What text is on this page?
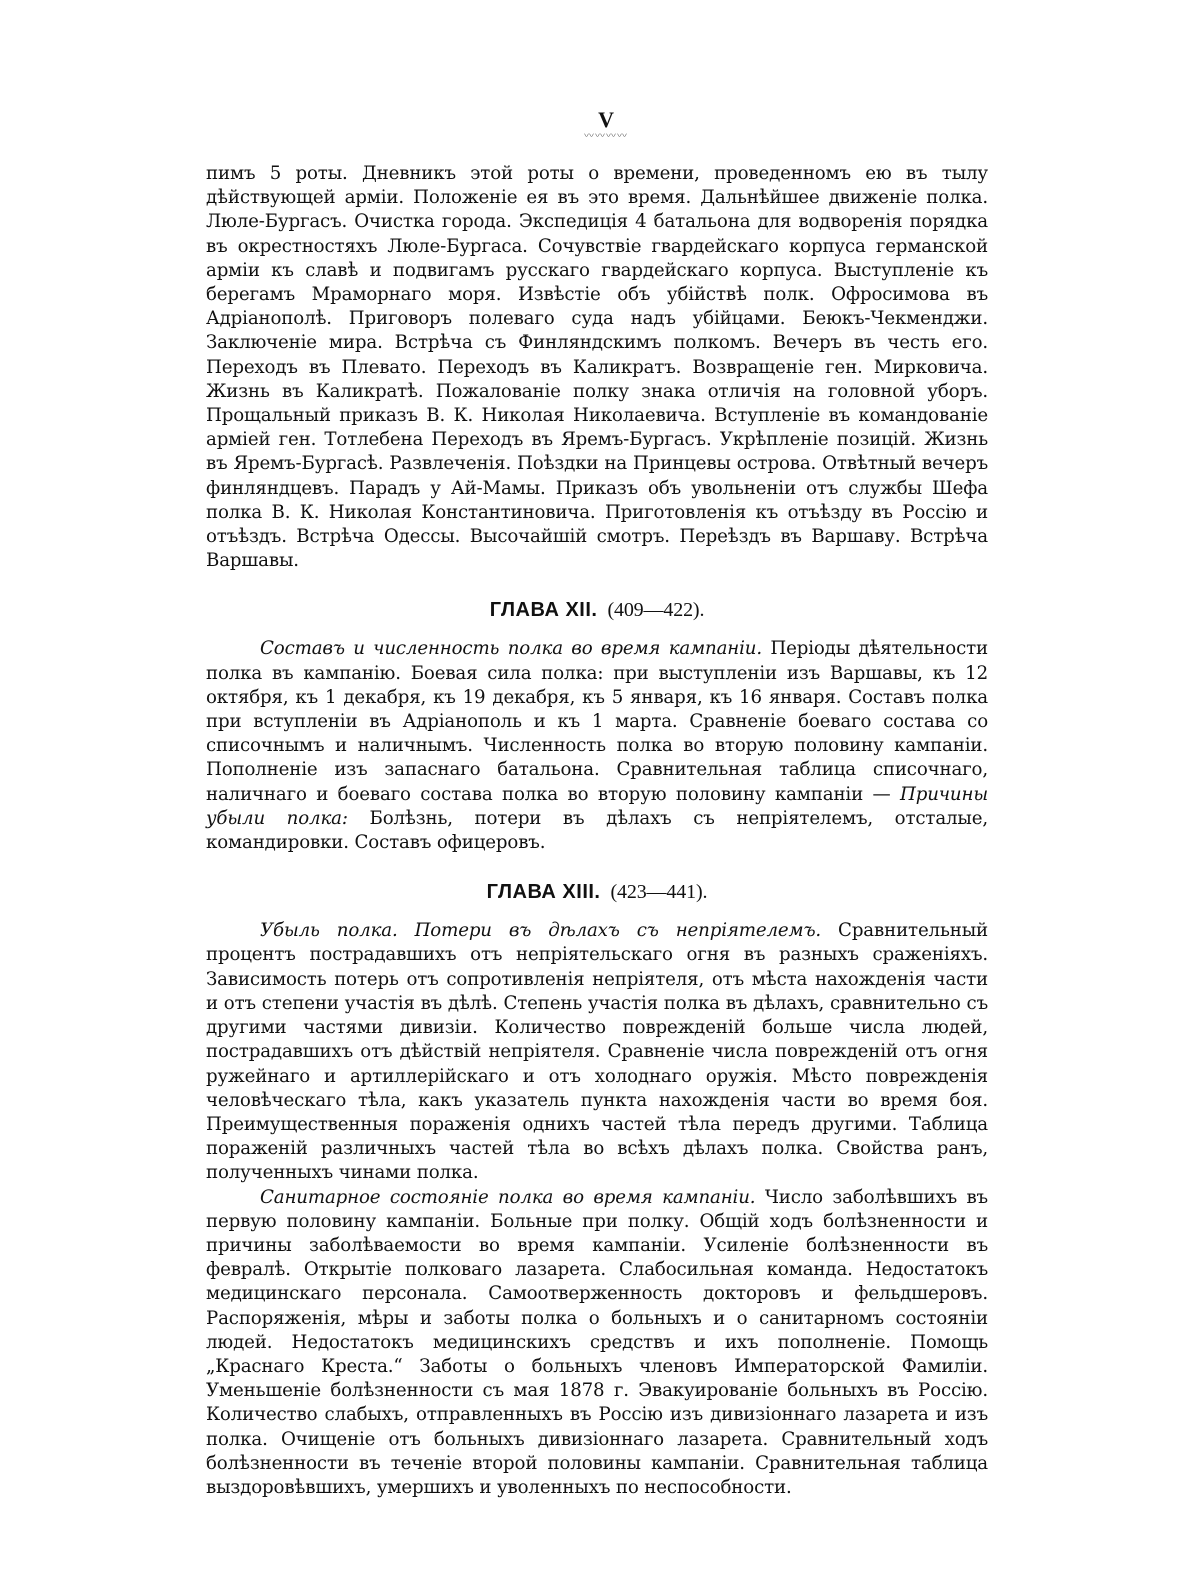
V
〰〰〰〰

пимъ 5 роты. Дневникъ этой роты о времени, проведенномъ ею въ тылу дѣйствующей арміи. Положеніе ея въ это время. Дальнѣйшее движеніе полка. Люле-Бургасъ. Очистка города. Экспедиція 4 батальона для водворенія порядка въ окрестностяхъ Люле-Бургаса. Сочувствіе гвардейскаго корпуса германской арміи къ славѣ и подвигамъ русскаго гвардейскаго корпуса. Выступленіе къ берегамъ Мраморнаго моря. Извѣстіе объ убійствѣ полк. Офросимова въ Адріанополѣ. Приговоръ полеваго суда надъ убійцами. Беюкъ-Чекменджи. Заключеніе мира. Встрѣча съ Финляндскимъ полкомъ. Вечеръ въ честь его. Переходъ въ Плевато. Переходъ въ Каликратъ. Возвращеніе ген. Мирковича. Жизнь въ Каликратѣ. Пожалованіе полку знака отличія на головной уборъ. Прощальный приказъ В. К. Николая Николаевича. Вступленіе въ командованіе арміей ген. Тотлебена Переходъ въ Яремъ-Бургасъ. Укрѣпленіе позицій. Жизнь въ Яремъ-Бургасѣ. Развлеченія. Поѣздки на Принцевы острова. Отвѣтный вечеръ финляндцевъ. Парадъ у Ай-Мамы. Приказъ объ увольненіи отъ службы Шефа полка В. К. Николая Константиновича. Приготовленія къ отъѣзду въ Россію и отъѣздъ. Встрѣча Одессы. Высочайшій смотръ. Переѣздъ въ Варшаву. Встрѣча Варшавы.

ГЛАВА XII. (409—422).

Составъ и численность полка во время кампаніи. Періоды дѣятельности полка въ кампанію. Боевая сила полка: при выступленіи изъ Варшавы, къ 12 октября, къ 1 декабря, къ 19 декабря, къ 5 января, къ 16 января. Составъ полка при вступленіи въ Адріанополь и къ 1 марта. Сравненіе боеваго состава со списочнымъ и наличнымъ. Численность полка во вторую половину кампаніи. Пополненіе изъ запаснаго батальона. Сравнительная таблица списочнаго, наличнаго и боеваго состава полка во вторую половину кампаніи — Причины убыли полка: Болѣзнь, потери въ дѣлахъ съ непріятелемъ, отсталые, командировки. Составъ офицеровъ.

ГЛАВА XIII. (423—441).

Убыль полка. Потери въ дѣлахъ съ непріятелемъ. Сравнительный процентъ пострадавшихъ отъ непріятельскаго огня въ разныхъ сраженіяхъ. Зависимость потерь отъ сопротивленія непріятеля, отъ мѣста нахожденія части и отъ степени участія въ дѣлѣ. Степень участія полка въ дѣлахъ, сравнительно съ другими частями дивизіи. Количество поврежденій больше числа людей, пострадавшихъ отъ дѣйствій непріятеля. Сравненіе числа поврежденій отъ огня ружейнаго и артиллерійскаго и отъ холоднаго оружія. Мѣсто поврежденія человѣческаго тѣла, какъ указатель пункта нахожденія части во время боя. Преимущественныя пораженія однихъ частей тѣла передъ другими. Таблица пораженій различныхъ частей тѣла во всѣхъ дѣлахъ полка. Свойства ранъ, полученныхъ чинами полка.

Санитарное состояніе полка во время кампаніи. Число заболѣвшихъ въ первую половину кампаніи. Больные при полку. Общій ходъ болѣзненности и причины заболѣваемости во время кампаніи. Усиленіе болѣзненности въ февралѣ. Открытіе полковаго лазарета. Слабосильная команда. Недостатокъ медицинскаго персонала. Самоотверженность докторовъ и фельдшеровъ. Распоряженія, мѣры и заботы полка о больныхъ и о санитарномъ состояніи людей. Недостатокъ медицинскихъ средствъ и ихъ пополненіе. Помощь „Краснаго Креста.“ Заботы о больныхъ членовъ Императорской Фамиліи. Уменьшеніе болѣзненности съ мая 1878 г. Эвакуированіе больныхъ въ Россію. Количество слабыхъ, отправленныхъ въ Россію изъ дивизіоннаго лазарета и изъ полка. Очищеніе отъ больныхъ дивизіоннаго лазарета. Сравнительный ходъ болѣзненности въ теченіе второй половины кампаніи. Сравнительная таблица выздоровѣвшихъ, умершихъ и уволенныхъ по неспособности.
